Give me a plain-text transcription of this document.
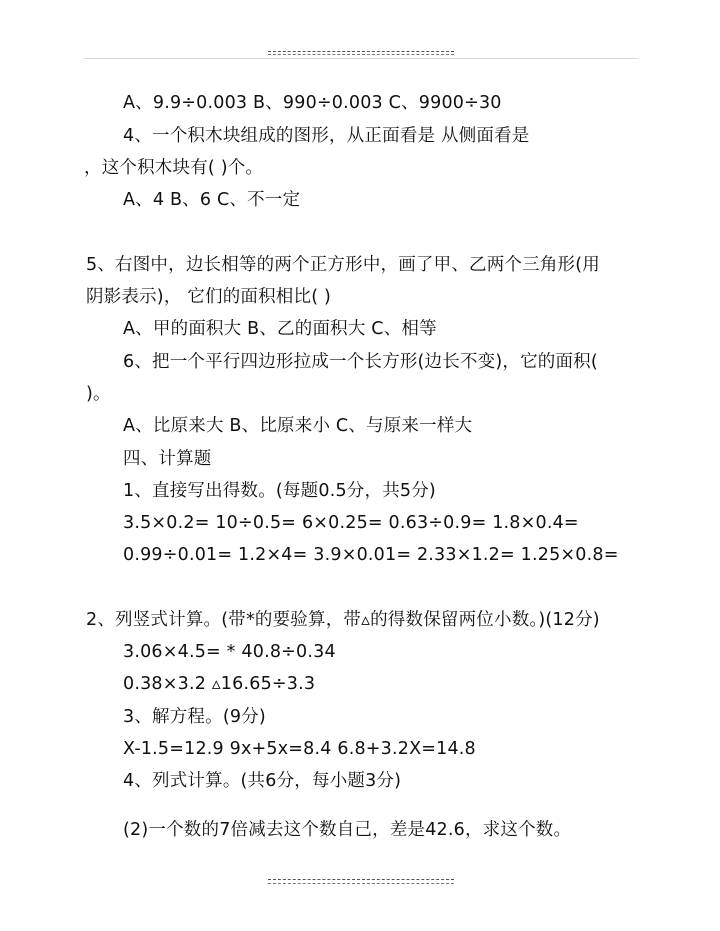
A、9.9÷0.003 B、990÷0.003 C、9900÷30
4、一个积木块组成的图形，从正面看是 从侧面看是
，这个积木块有( )个。
A、4 B、6 C、不一定
5、右图中，边长相等的两个正方形中，画了甲、乙两个三角形(用
阴影表示)， 它们的面积相比( )
A、甲的面积大 B、乙的面积大 C、相等
6、把一个平行四边形拉成一个长方形(边长不变)，它的面积(
)。
A、比原来大 B、比原来小 C、与原来一样大
四、计算题
1、直接写出得数。(每题0.5分，共5分)
3.5×0.2= 10÷0.5= 6×0.25= 0.63÷0.9= 1.8×0.4=
0.99÷0.01= 1.2×4= 3.9×0.01= 2.33×1.2= 1.25×0.8=
2、列竖式计算。(带*的要验算，带▵的得数保留两位小数。)(12分)
3.06×4.5= * 40.8÷0.34
0.38×3.2 ▵16.65÷3.3
3、解方程。(9分)
X-1.5=12.9 9x+5x=8.4 6.8+3.2X=14.8
4、列式计算。(共6分，每小题3分)
(2)一个数的7倍减去这个数自己，差是42.6，求这个数。
